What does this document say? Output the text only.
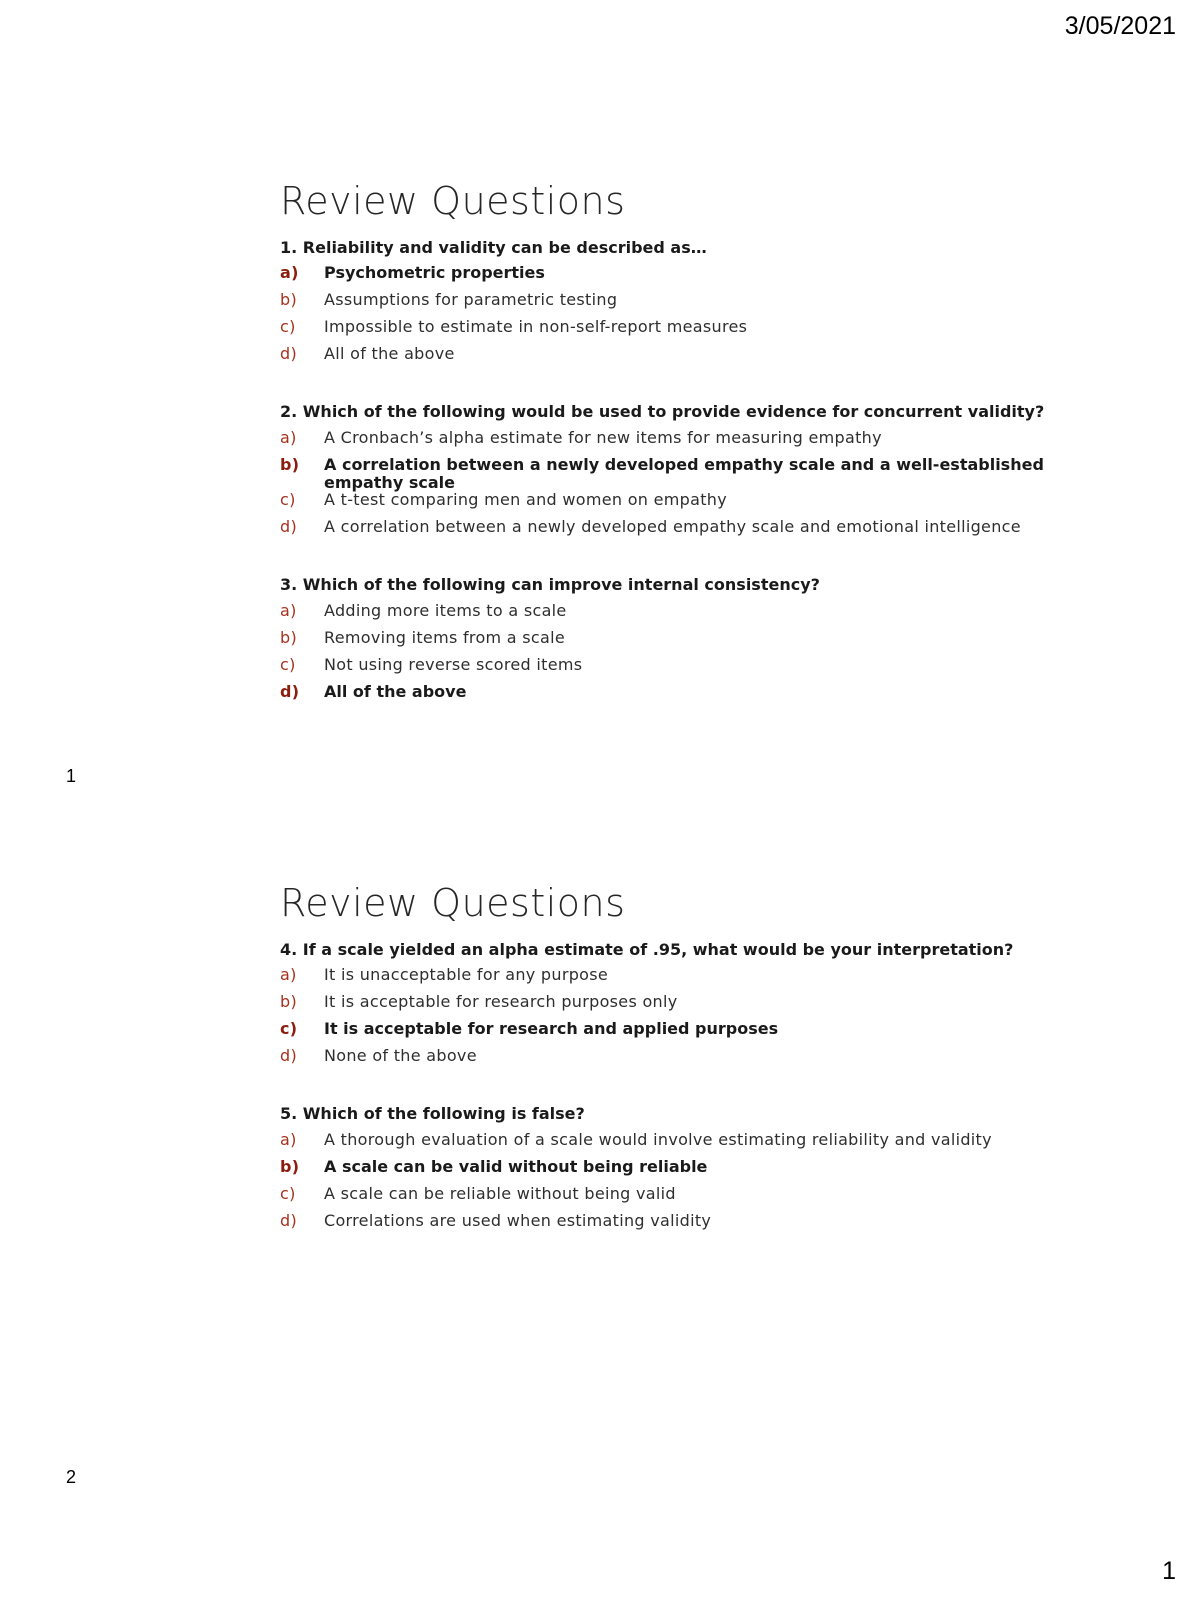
3/05/2021
Review Questions
1. Reliability and validity can be described as…
a)	Psychometric properties
b)	Assumptions for parametric testing
c)	Impossible to estimate in non-self-report measures
d)	All of the above
2. Which of the following would be used to provide evidence for concurrent validity?
a)	A Cronbach’s alpha estimate for new items for measuring empathy
b)	A correlation between a newly developed empathy scale and a well-established empathy scale
c)	A t-test comparing men and women on empathy
d)	A correlation between a newly developed empathy scale and emotional intelligence
3. Which of the following can improve internal consistency?
a)	Adding more items to a scale
b)	Removing items from a scale
c)	Not using reverse scored items
d)	All of the above
1
Review Questions
4. If a scale yielded an alpha estimate of .95, what would be your interpretation?
a)	It is unacceptable for any purpose
b)	It is acceptable for research purposes only
c)	It is acceptable for research and applied purposes
d)	None of the above
5. Which of the following is false?
a)	A thorough evaluation of a scale would involve estimating reliability and validity
b)	A scale can be valid without being reliable
c)	A scale can be reliable without being valid
d)	Correlations are used when estimating validity
2
1
